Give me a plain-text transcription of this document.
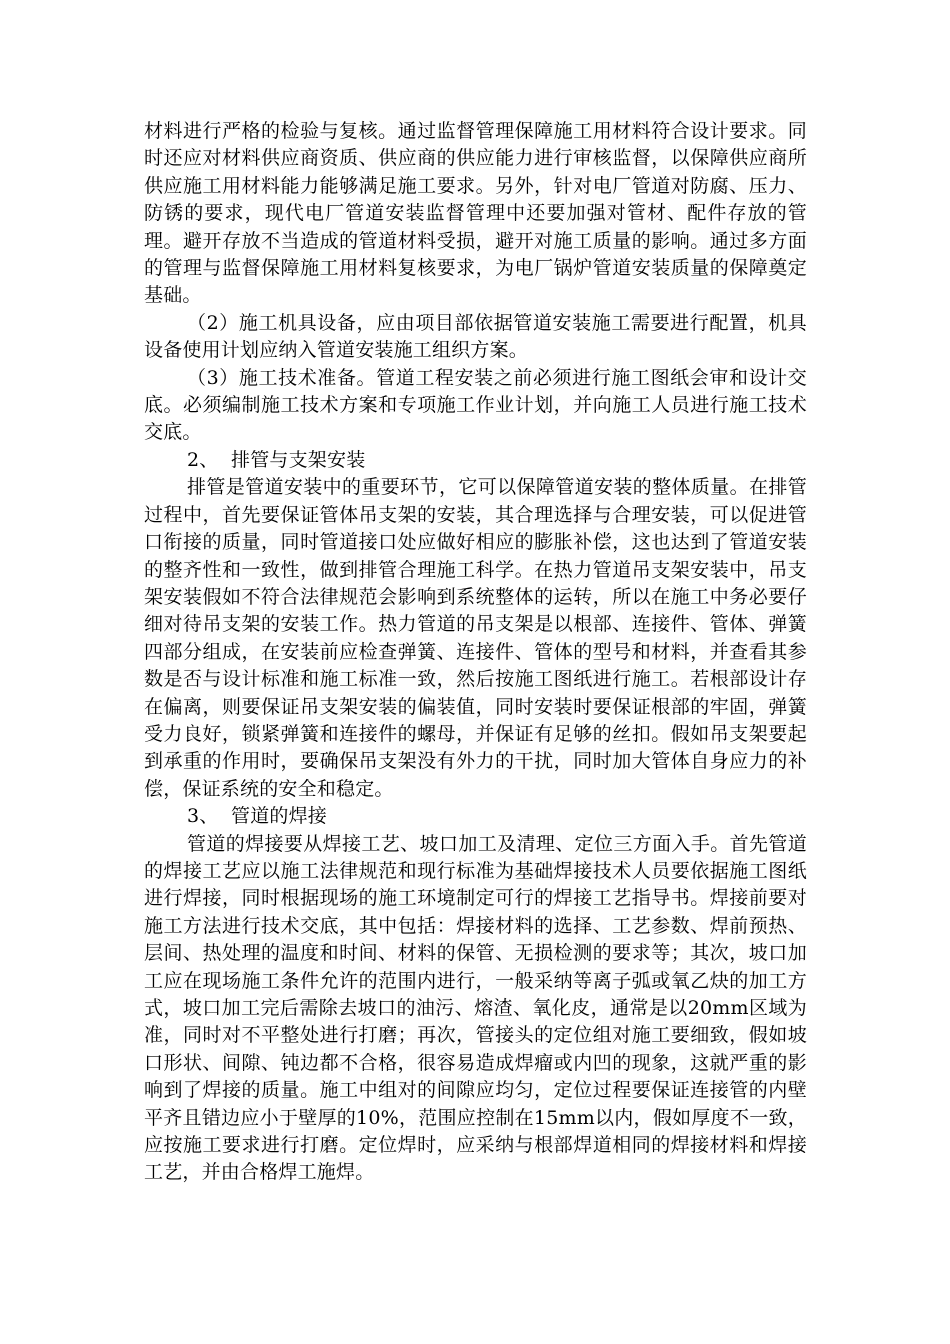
材料进行严格的检验与复核。通过监督管理保障施工用材料符合设计要求。同时还应对材料供应商资质、供应商的供应能力进行审核监督，以保障供应商所供应施工用材料能力能够满足施工要求。另外，针对电厂管道对防腐、压力、防锈的要求，现代电厂管道安装监督管理中还要加强对管材、配件存放的管理。避开存放不当造成的管道材料受损，避开对施工质量的影响。通过多方面的管理与监督保障施工用材料复核要求，为电厂锅炉管道安装质量的保障奠定基础。

（2）施工机具设备，应由项目部依据管道安装施工需要进行配置，机具设备使用计划应纳入管道安装施工组织方案。

（3）施工技术准备。管道工程安装之前必须进行施工图纸会审和设计交底。必须编制施工技术方案和专项施工作业计划，并向施工人员进行施工技术交底。

2、 排管与支架安装

排管是管道安装中的重要环节，它可以保障管道安装的整体质量。在排管过程中，首先要保证管体吊支架的安装，其合理选择与合理安装，可以促进管口衔接的质量，同时管道接口处应做好相应的膨胀补偿，这也达到了管道安装的整齐性和一致性，做到排管合理施工科学。在热力管道吊支架安装中，吊支架安装假如不符合法律规范会影响到系统整体的运转，所以在施工中务必要仔细对待吊支架的安装工作。热力管道的吊支架是以根部、连接件、管体、弹簧四部分组成，在安装前应检查弹簧、连接件、管体的型号和材料，并查看其参数是否与设计标准和施工标准一致，然后按施工图纸进行施工。若根部设计存在偏离，则要保证吊支架安装的偏装值，同时安装时要保证根部的牢固，弹簧受力良好，锁紧弹簧和连接件的螺母，并保证有足够的丝扣。假如吊支架要起到承重的作用时，要确保吊支架没有外力的干扰，同时加大管体自身应力的补偿，保证系统的安全和稳定。

3、 管道的焊接

管道的焊接要从焊接工艺、坡口加工及清理、定位三方面入手。首先管道的焊接工艺应以施工法律规范和现行标准为基础焊接技术人员要依据施工图纸进行焊接，同时根据现场的施工环境制定可行的焊接工艺指导书。焊接前要对施工方法进行技术交底，其中包括：焊接材料的选择、工艺参数、焊前预热、层间、热处理的温度和时间、材料的保管、无损检测的要求等；其次，坡口加工应在现场施工条件允许的范围内进行，一般采纳等离子弧或氧乙炔的加工方式，坡口加工完后需除去坡口的油污、熔渣、氧化皮，通常是以20mm区域为准，同时对不平整处进行打磨；再次，管接头的定位组对施工要细致，假如坡口形状、间隙、钝边都不合格，很容易造成焊瘤或内凹的现象，这就严重的影响到了焊接的质量。施工中组对的间隙应均匀，定位过程要保证连接管的内壁平齐且错边应小于壁厚的10%，范围应控制在15mm以内，假如厚度不一致，应按施工要求进行打磨。定位焊时，应采纳与根部焊道相同的焊接材料和焊接工艺，并由合格焊工施焊。
